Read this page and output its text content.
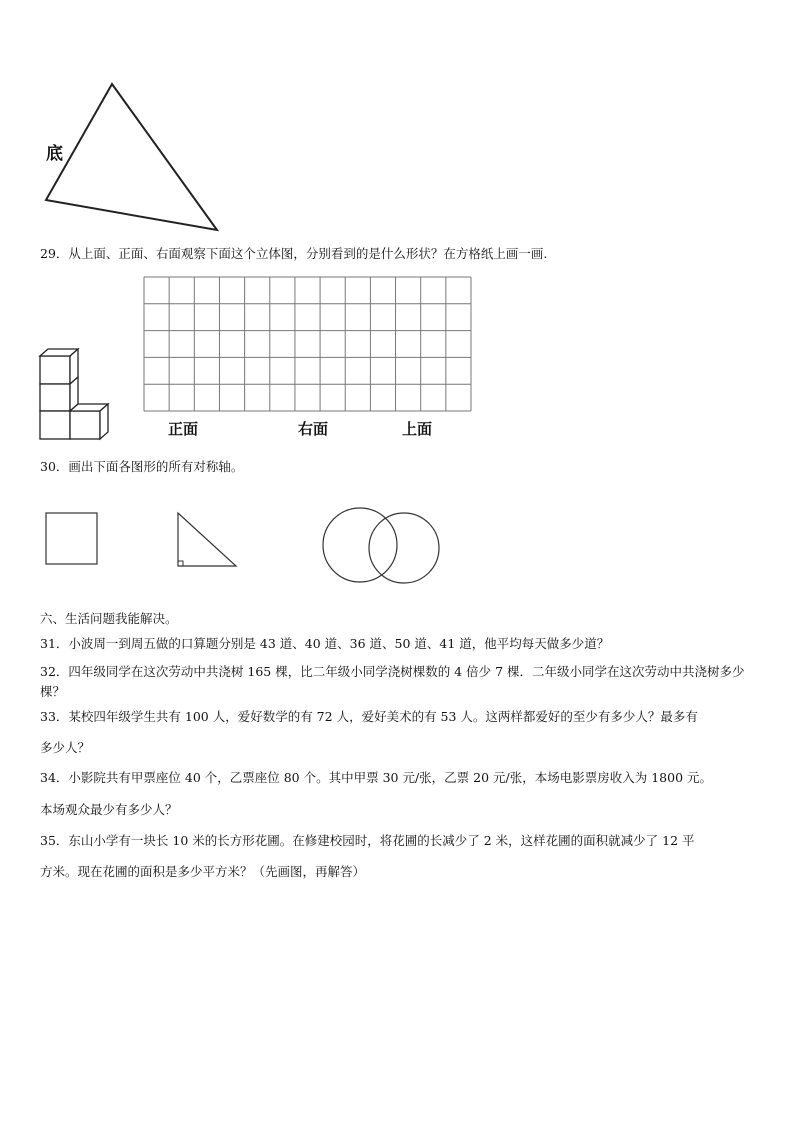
底
29．从上面、正面、右面观察下面这个立体图，分别看到的是什么形状？在方格纸上画一画.
正面	右面	上面
30．画出下面各图形的所有对称轴。
六、生活问题我能解决。
31．小波周一到周五做的口算题分别是 43 道、40 道、36 道、50 道、41 道，他平均每天做多少道？
32．四年级同学在这次劳动中共浇树 165 棵，比二年级小同学浇树棵数的 4 倍少 7 棵．二年级小同学在这次劳动中共浇树多少棵？
33．某校四年级学生共有 100 人，爱好数学的有 72 人，爱好美术的有 53 人。这两样都爱好的至少有多少人？最多有
多少人？
34．小影院共有甲票座位 40 个，乙票座位 80 个。其中甲票 30 元/张，乙票 20 元/张，本场电影票房收入为 1800 元。
本场观众最少有多少人？
35．东山小学有一块长 10 米的长方形花圃。在修建校园时，将花圃的长减少了 2 米，这样花圃的面积就减少了 12 平
方米。现在花圃的面积是多少平方米？（先画图，再解答）
